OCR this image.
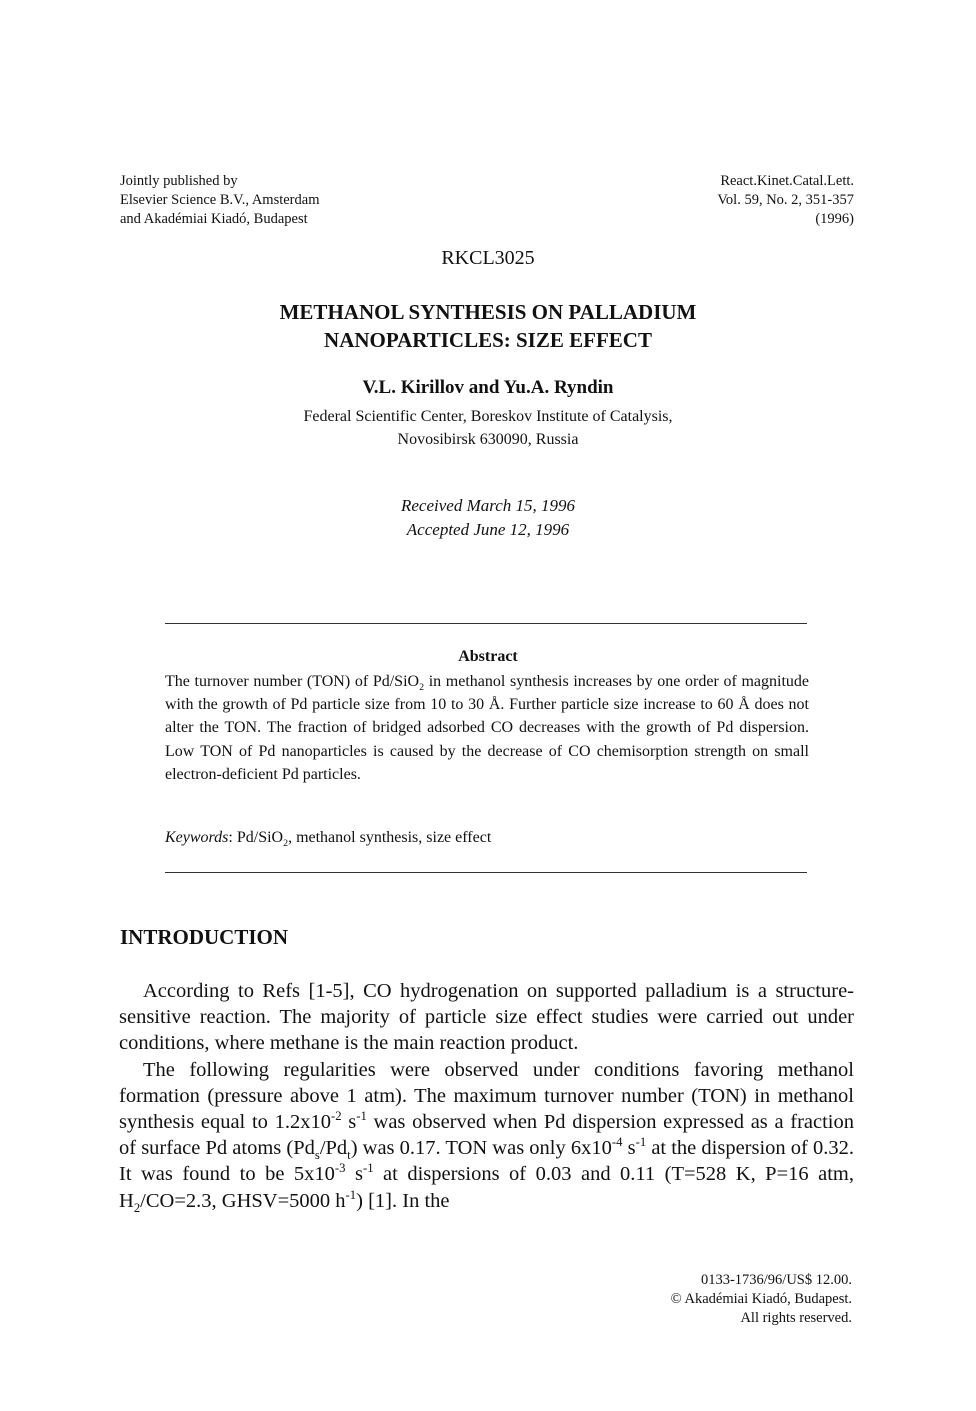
Jointly published by
Elsevier Science B.V., Amsterdam
and Akadémiai Kiadó, Budapest
React.Kinet.Catal.Lett.
Vol. 59, No. 2, 351-357
(1996)
RKCL3025
METHANOL SYNTHESIS ON PALLADIUM
NANOPARTICLES: SIZE EFFECT
V.L. Kirillov and Yu.A. Ryndin
Federal Scientific Center, Boreskov Institute of Catalysis,
Novosibirsk 630090, Russia
Received March 15, 1996
Accepted June 12, 1996
Abstract
The turnover number (TON) of Pd/SiO$_2$ in methanol synthesis increases by one order of magnitude with the growth of Pd particle size from 10 to 30 Å. Further particle size increase to 60 Å does not alter the TON. The fraction of bridged adsorbed CO decreases with the growth of Pd dispersion. Low TON of Pd nanoparticles is caused by the decrease of CO chemisorption strength on small electron-deficient Pd particles.
Keywords: Pd/SiO$_2$, methanol synthesis, size effect
INTRODUCTION

According to Refs [1-5], CO hydrogenation on supported palladium is a structure-sensitive reaction. The majority of particle size effect studies were carried out under conditions, where methane is the main reaction product.

The following regularities were observed under conditions favoring methanol formation (pressure above 1 atm). The maximum turnover number (TON) in methanol synthesis equal to $1.2x10^{-2}$ $s^{-1}$ was observed when Pd dispersion expressed as a fraction of surface Pd atoms $(Pd_s/Pd_t)$ was 0.17. TON was only $6x10^{-4}$ $s^{-1}$ at the dispersion of 0.32. It was found to be $5x10^{-3}$ $s^{-1}$ at dispersions of 0.03 and 0.11 (T=528 K, P=16 atm, $H_2/CO=2.3$, GHSV=5000 $h^{-1}$) [1]. In the

0133-1736/96/US$ 12.00.
© Akadémiai Kiadó, Budapest.
All rights reserved.
